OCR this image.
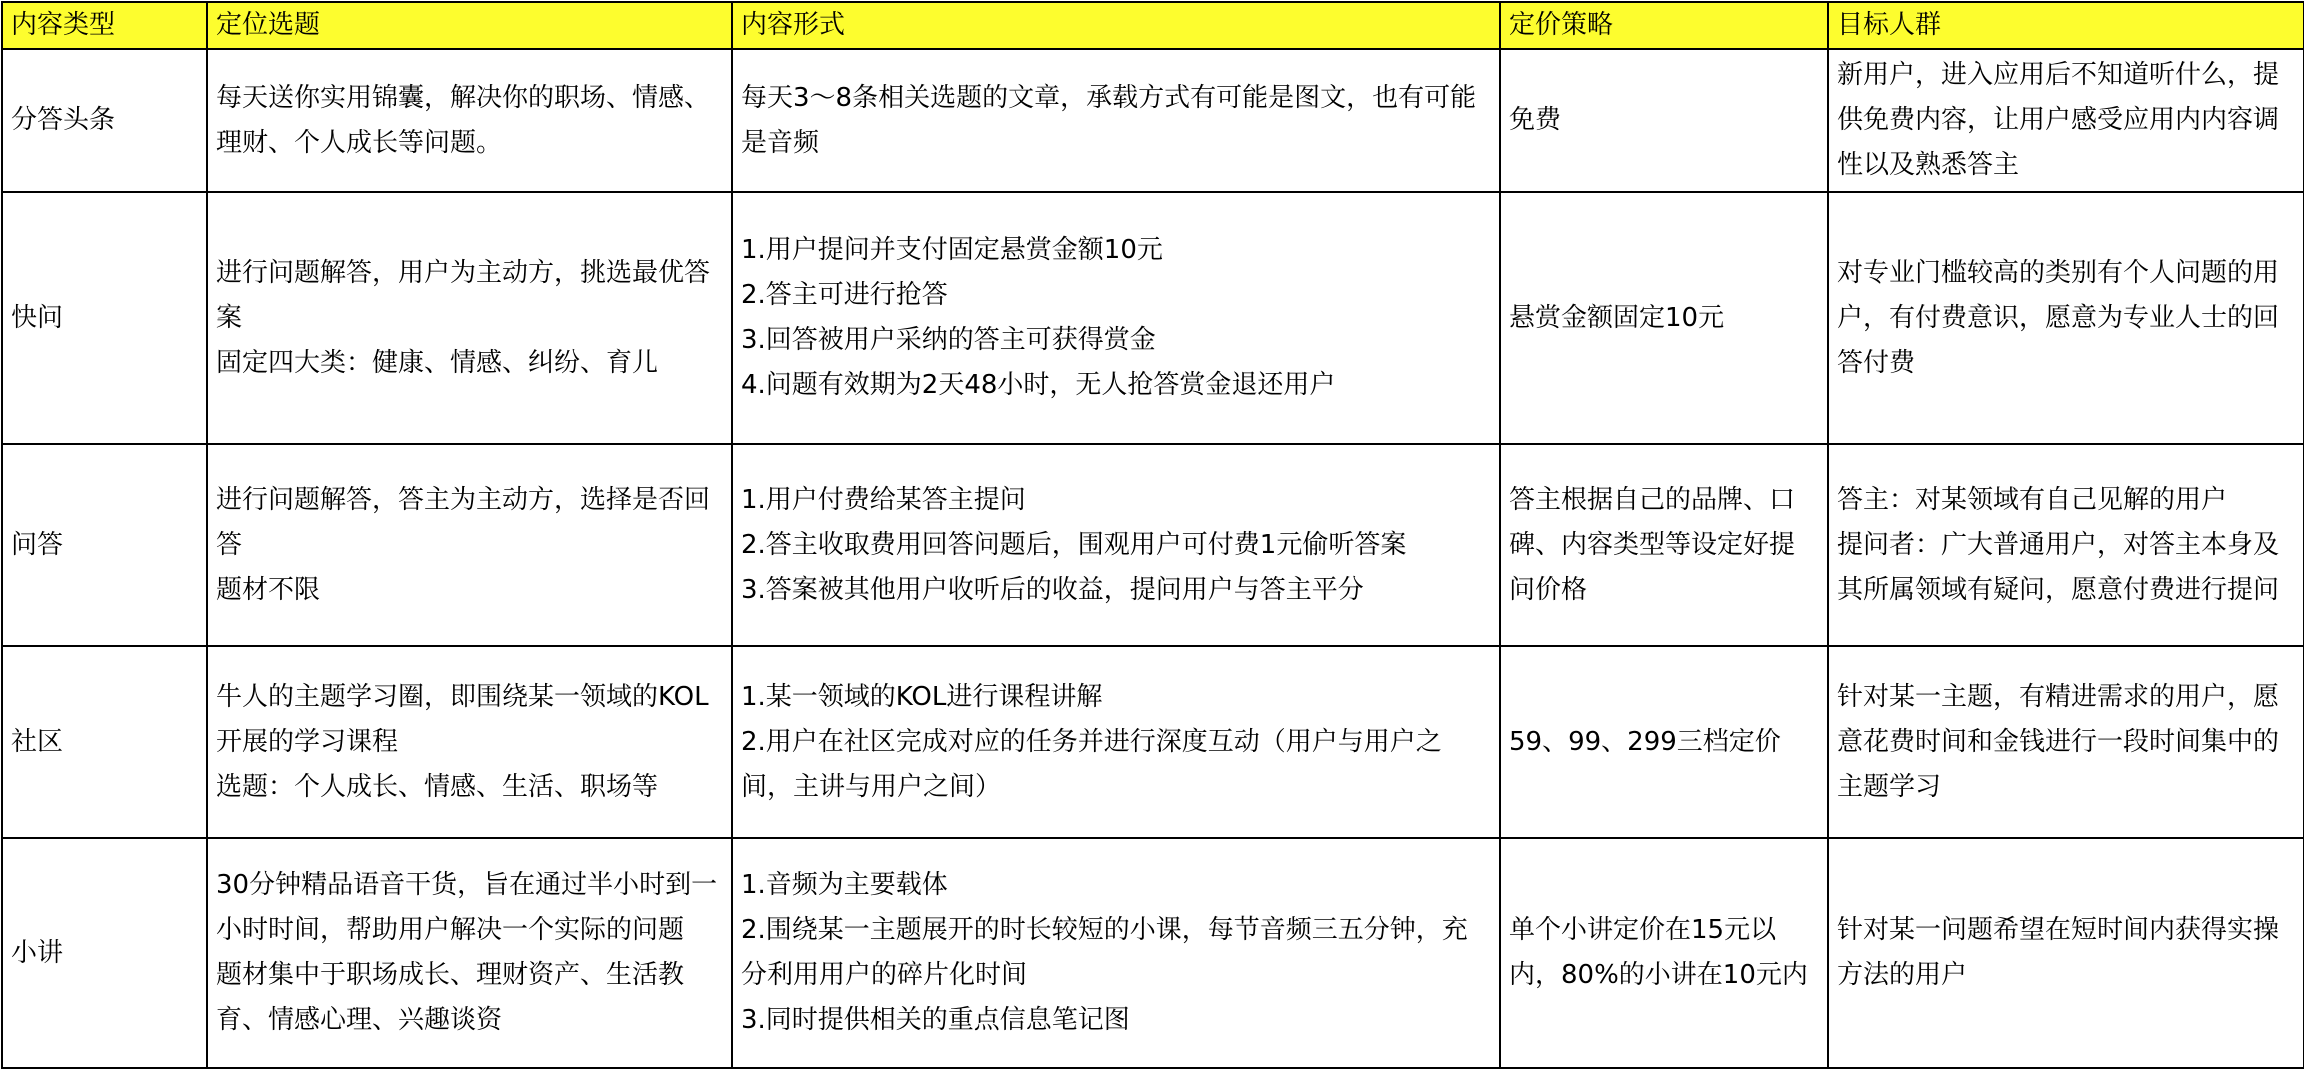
内容类型	定位选题	内容形式	定价策略	目标人群

分答头条	每天送你实用锦囊，解决你的职场、情感、理财、个人成长等问题。	每天3～8条相关选题的文章，承载方式有可能是图文，也有可能是音频	免费	新用户，进入应用后不知道听什么，提供免费内容，让用户感受应用内内容调性以及熟悉答主

快问	进行问题解答，用户为主动方，挑选最优答案
固定四大类：健康、情感、纠纷、育儿	1.用户提问并支付固定悬赏金额10元
2.答主可进行抢答
3.回答被用户采纳的答主可获得赏金
4.问题有效期为2天48小时，无人抢答赏金退还用户	悬赏金额固定10元	对专业门槛较高的类别有个人问题的用户，有付费意识，愿意为专业人士的回答付费

问答	进行问题解答，答主为主动方，选择是否回答
题材不限	1.用户付费给某答主提问
2.答主收取费用回答问题后，围观用户可付费1元偷听答案
3.答案被其他用户收听后的收益，提问用户与答主平分	答主根据自己的品牌、口碑、内容类型等设定好提问价格	答主：对某领域有自己见解的用户
提问者：广大普通用户，对答主本身及其所属领域有疑问，愿意付费进行提问

社区	牛人的主题学习圈，即围绕某一领域的KOL开展的学习课程
选题：个人成长、情感、生活、职场等	1.某一领域的KOL进行课程讲解
2.用户在社区完成对应的任务并进行深度互动（用户与用户之间，主讲与用户之间）	59、99、299三档定价	针对某一主题，有精进需求的用户，愿意花费时间和金钱进行一段时间集中的主题学习

小讲	30分钟精品语音干货，旨在通过半小时到一小时时间，帮助用户解决一个实际的问题
题材集中于职场成长、理财资产、生活教育、情感心理、兴趣谈资	1.音频为主要载体
2.围绕某一主题展开的时长较短的小课，每节音频三五分钟，充分利用用户的碎片化时间
3.同时提供相关的重点信息笔记图	单个小讲定价在15元以内，80%的小讲在10元内	针对某一问题希望在短时间内获得实操方法的用户
